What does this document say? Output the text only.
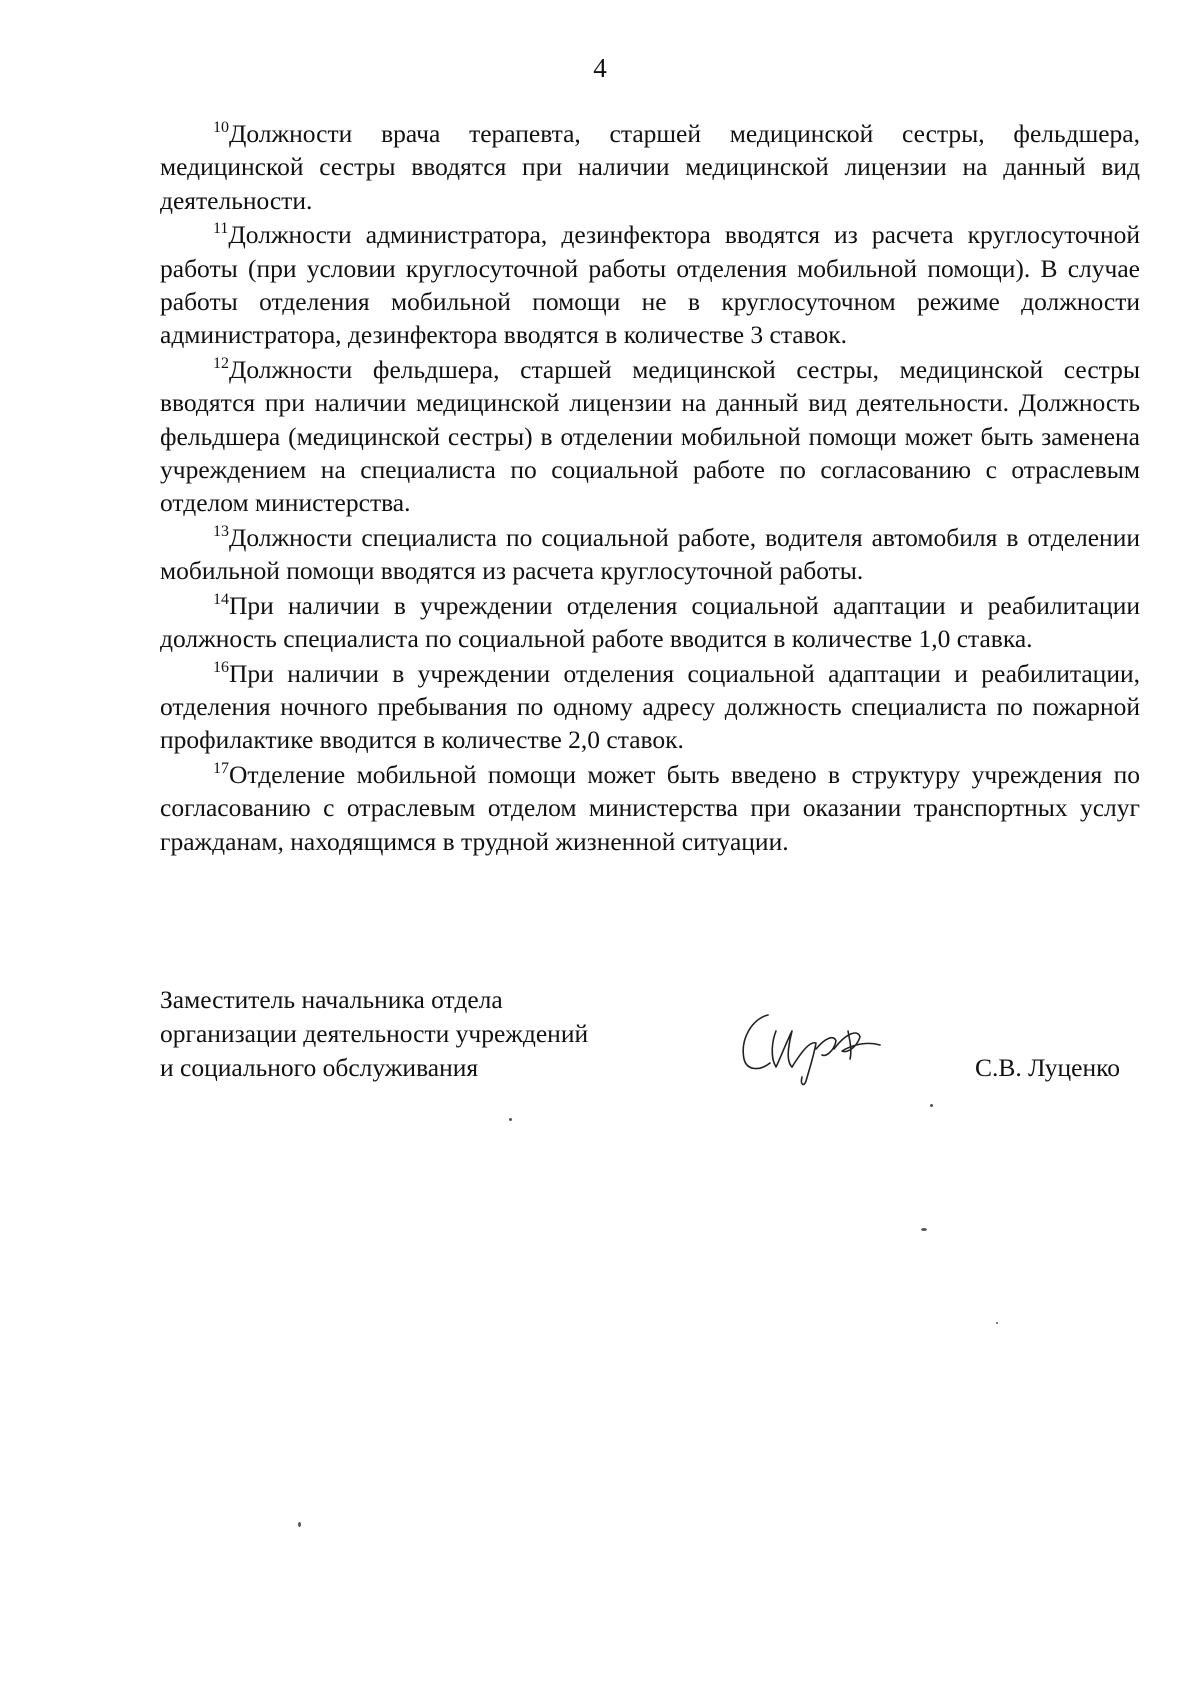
4

$^{10}$Должности врача терапевта, старшей медицинской сестры, фельдшера, медицинской сестры вводятся при наличии медицинской лицензии на данный вид деятельности.

$^{11}$Должности администратора, дезинфектора вводятся из расчета круглосуточной работы (при условии круглосуточной работы отделения мобильной помощи). В случае работы отделения мобильной помощи не в круглосуточном режиме должности администратора, дезинфектора вводятся в количестве 3 ставок.

$^{12}$Должности фельдшера, старшей медицинской сестры, медицинской сестры вводятся при наличии медицинской лицензии на данный вид деятельности. Должность фельдшера (медицинской сестры) в отделении мобильной помощи может быть заменена учреждением на специалиста по социальной работе по согласованию с отраслевым отделом министерства.

$^{13}$Должности специалиста по социальной работе, водителя автомобиля в отделении мобильной помощи вводятся из расчета круглосуточной работы.

$^{14}$При наличии в учреждении отделения социальной адаптации и реабилитации должность специалиста по социальной работе вводится в количестве 1,0 ставка.

$^{16}$При наличии в учреждении отделения социальной адаптации и реабилитации, отделения ночного пребывания по одному адресу должность специалиста по пожарной профилактике вводится в количестве 2,0 ставок.

$^{17}$Отделение мобильной помощи может быть введено в структуру учреждения по согласованию с отраслевым отделом министерства при оказании транспортных услуг гражданам, находящимся в трудной жизненной ситуации.

Заместитель начальника отдела
организации деятельности учреждений
и социального обслуживания	С.В. Луценко
